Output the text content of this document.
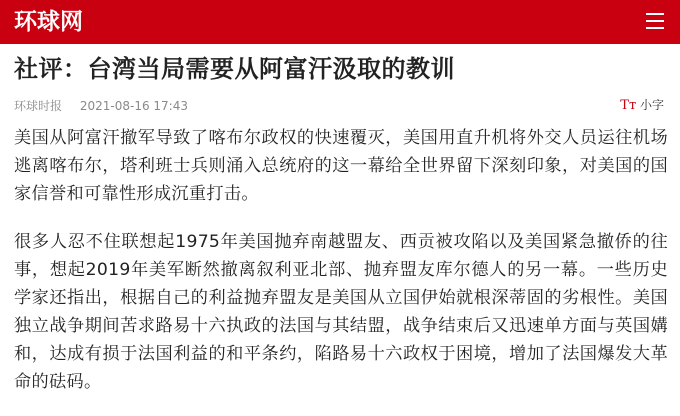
环球网
社评：台湾当局需要从阿富汗汲取的教训
环球时报 2021-08-16 17:43	Tт 小字

美国从阿富汗撤军导致了喀布尔政权的快速覆灭，美国用直升机将外交人员运往机场逃离喀布尔，塔利班士兵则涌入总统府的这一幕给全世界留下深刻印象，对美国的国家信誉和可靠性形成沉重打击。

很多人忍不住联想起1975年美国抛弃南越盟友、西贡被攻陷以及美国紧急撤侨的往事，想起2019年美军断然撤离叙利亚北部、抛弃盟友库尔德人的另一幕。一些历史学家还指出，根据自己的利益抛弃盟友是美国从立国伊始就根深蒂固的劣根性。美国独立战争期间苦求路易十六执政的法国与其结盟，战争结束后又迅速单方面与英国媾和，达成有损于法国利益的和平条约，陷路易十六政权于困境，增加了法国爆发大革命的砝码。
